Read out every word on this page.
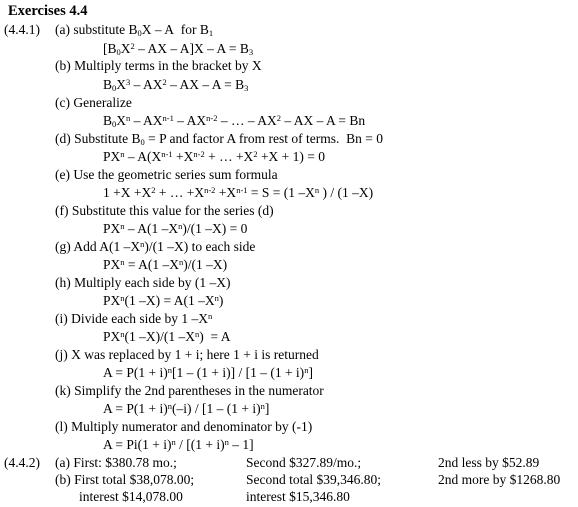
Exercises 4.4
(4.4.1) (a) substitute $B_0X$ – A  for $B_1$
[$B_0X^2$ – AX – $A]X - A = B_3$
(b) Multiply terms in the bracket by X
$B_0X^3 - AX^2$ – AX – $A = B_3$
(c) Generalize
$B_0X^n - AX^{n-1} - AX^{n-2}$ – … – $AX^2$ – AX – A = Bn
(d) Substitute $B_0 = P$ and factor A from rest of terms.  Bn = 0
$PX^n - A(X^{n-1} +X^{n-2}$ + … $+X^2 +X + 1) = 0$
(e) Use the geometric series sum formula
$1 +X +X^2$ + … $+X^{n-2} +X^{n-1} = S = (1$ $-X^n$ ) / (1 –X)
(f) Substitute this value for the series (d)
$PX^n - A(1$ $-X^n)/(1$ –X) = 0
(g) Add A(1 $-X^n)/(1$ –X) to each side
$PX^n = A(1$ $-X^n)/(1$ –X)
(h) Multiply each side by (1 –X)
$PX^n(1$ –X) = A(1 $-X^n$)
(i) Divide each side by 1 $-X^n$
$PX^n(1$ –X)/(1 $-X^n) = A$
(j) X was replaced by 1 + i; here 1 + i is returned
$A = P(1 + i)^n[1 - (1 + i)] / [1 - (1 + i)^n]$
(k) Simplify the 2nd parentheses in the numerator
$A = P(1 + i)^n(-i) / [1 - (1 + i)^n]$
(l) Multiply numerator and denominator by (-1)
$A = Pi(1 + i)^n / [(1 + i)^n - 1]$
(4.4.2) (a) First: $380.78 mo.;	Second $327.89/mo.;	2nd less by $52.89
(b) First total $38,078.00;	Second total $39,346.80;	2nd more by $1268.80
interest $14,078.00	interest $15,346.80
